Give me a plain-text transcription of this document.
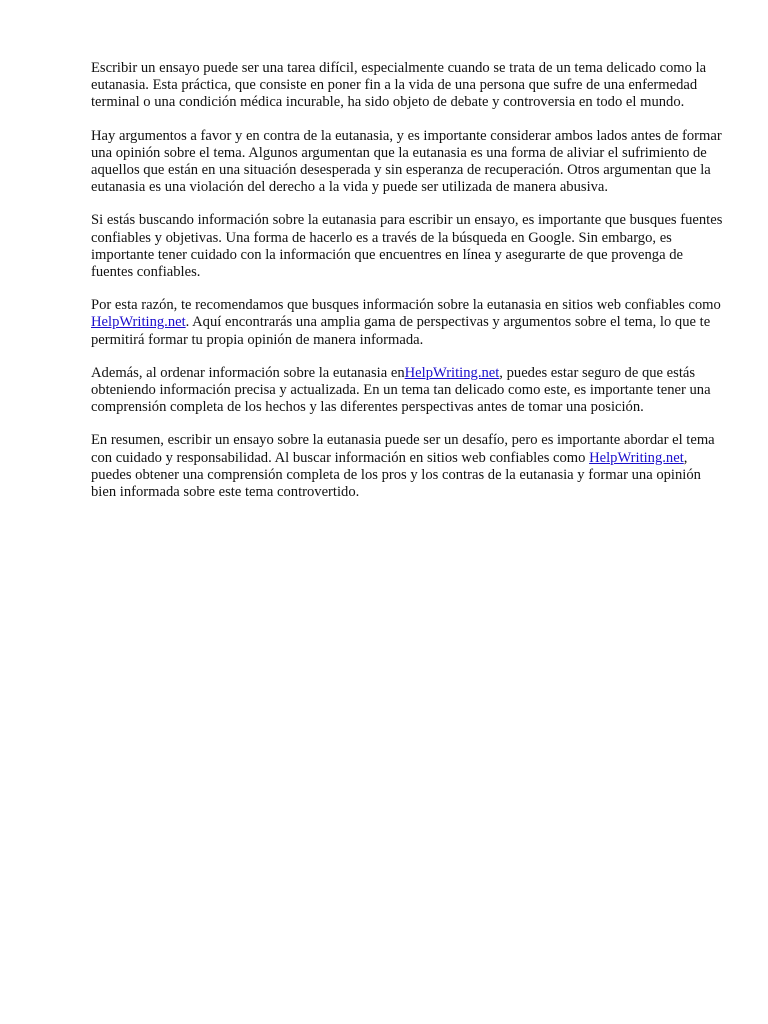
Escribir un ensayo puede ser una tarea difícil, especialmente cuando se trata de un tema delicado como la eutanasia. Esta práctica, que consiste en poner fin a la vida de una persona que sufre de una enfermedad terminal o una condición médica incurable, ha sido objeto de debate y controversia en todo el mundo.

Hay argumentos a favor y en contra de la eutanasia, y es importante considerar ambos lados antes de formar una opinión sobre el tema. Algunos argumentan que la eutanasia es una forma de aliviar el sufrimiento de aquellos que están en una situación desesperada y sin esperanza de recuperación. Otros argumentan que la eutanasia es una violación del derecho a la vida y puede ser utilizada de manera abusiva.

Si estás buscando información sobre la eutanasia para escribir un ensayo, es importante que busques fuentes confiables y objetivas. Una forma de hacerlo es a través de la búsqueda en Google. Sin embargo, es importante tener cuidado con la información que encuentres en línea y asegurarte de que provenga de fuentes confiables.

Por esta razón, te recomendamos que busques información sobre la eutanasia en sitios web confiables como HelpWriting.net. Aquí encontrarás una amplia gama de perspectivas y argumentos sobre el tema, lo que te permitirá formar tu propia opinión de manera informada.

Además, al ordenar información sobre la eutanasia enHelpWriting.net, puedes estar seguro de que estás obteniendo información precisa y actualizada. En un tema tan delicado como este, es importante tener una comprensión completa de los hechos y las diferentes perspectivas antes de tomar una posición.

En resumen, escribir un ensayo sobre la eutanasia puede ser un desafío, pero es importante abordar el tema con cuidado y responsabilidad. Al buscar información en sitios web confiables como HelpWriting.net, puedes obtener una comprensión completa de los pros y los contras de la eutanasia y formar una opinión bien informada sobre este tema controvertido.
